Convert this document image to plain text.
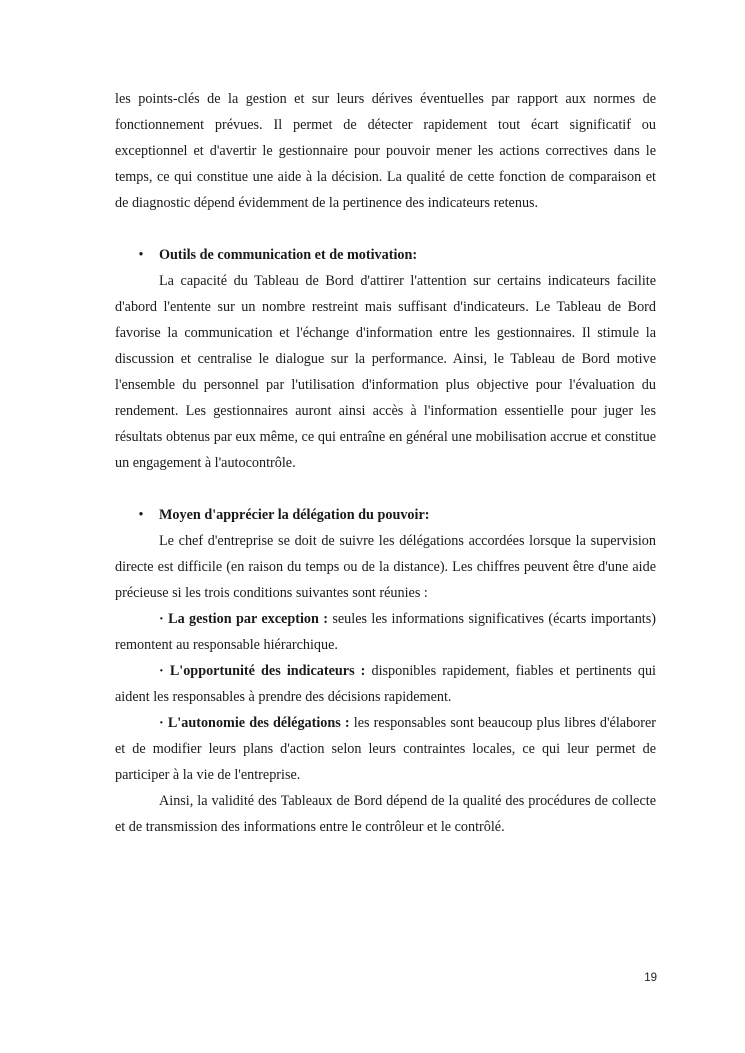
les points-clés de la gestion et sur leurs dérives éventuelles par rapport aux normes de fonctionnement prévues. Il permet de détecter rapidement tout écart significatif ou exceptionnel et d'avertir le gestionnaire pour pouvoir mener les actions correctives dans le temps, ce qui constitue une aide à la décision. La qualité de cette fonction de comparaison et de diagnostic dépend évidemment de la pertinence des indicateurs retenus.

• Outils de communication et de motivation:

La capacité du Tableau de Bord d'attirer l'attention sur certains indicateurs facilite d'abord l'entente sur un nombre restreint mais suffisant d'indicateurs. Le Tableau de Bord favorise la communication et l'échange d'information entre les gestionnaires. Il stimule la discussion et centralise le dialogue sur la performance. Ainsi, le Tableau de Bord motive l'ensemble du personnel par l'utilisation d'information plus objective pour l'évaluation du rendement. Les gestionnaires auront ainsi accès à l'information essentielle pour juger les résultats obtenus par eux même, ce qui entraîne en général une mobilisation accrue et constitue un engagement à l'autocontrôle.

• Moyen d'apprécier la délégation du pouvoir:

Le chef d'entreprise se doit de suivre les délégations accordées lorsque la supervision directe est difficile (en raison du temps ou de la distance). Les chiffres peuvent être d'une aide précieuse si les trois conditions suivantes sont réunies :

· La gestion par exception : seules les informations significatives (écarts importants) remontent au responsable hiérarchique.

· L'opportunité des indicateurs : disponibles rapidement, fiables et pertinents qui aident les responsables à prendre des décisions rapidement.

· L'autonomie des délégations : les responsables sont beaucoup plus libres d'élaborer et de modifier leurs plans d'action selon leurs contraintes locales, ce qui leur permet de participer à la vie de l'entreprise.

Ainsi, la validité des Tableaux de Bord dépend de la qualité des procédures de collecte et de transmission des informations entre le contrôleur et le contrôlé.

19
